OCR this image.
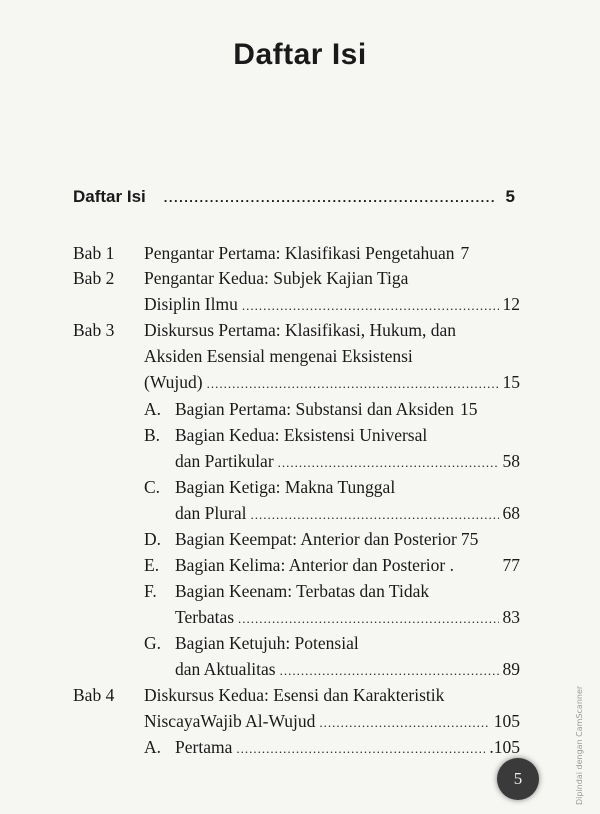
Daftar Isi
Daftar Isi .....	5
Bab 1 Pengantar Pertama: Klasifikasi Pengetahuan 7
Bab 2 Pengantar Kedua: Subjek Kajian Tiga
Disiplin Ilmu .....	12
Bab 3 Diskursus Pertama: Klasifikasi, Hukum, dan
Aksiden Esensial mengenai Eksistensi
(Wujud) .....	15
A. Bagian Pertama: Substansi dan Aksiden 15
B. Bagian Kedua: Eksistensi Universal
dan Partikular .....	58
C. Bagian Ketiga: Makna Tunggal
dan Plural .....	68
D. Bagian Keempat: Anterior dan Posterior 75
E. Bagian Kelima: Anterior dan Posterior .	77
F. Bagian Keenam: Terbatas dan Tidak
Terbatas .....	83
G. Bagian Ketujuh: Potensial
dan Aktualitas .....	89
Bab 4 Diskursus Kedua: Esensi dan Karakteristik
NiscayaWajib Al-Wujud .....	105
A. Pertama .....	.105
5	Dipindai dengan CamScanner
